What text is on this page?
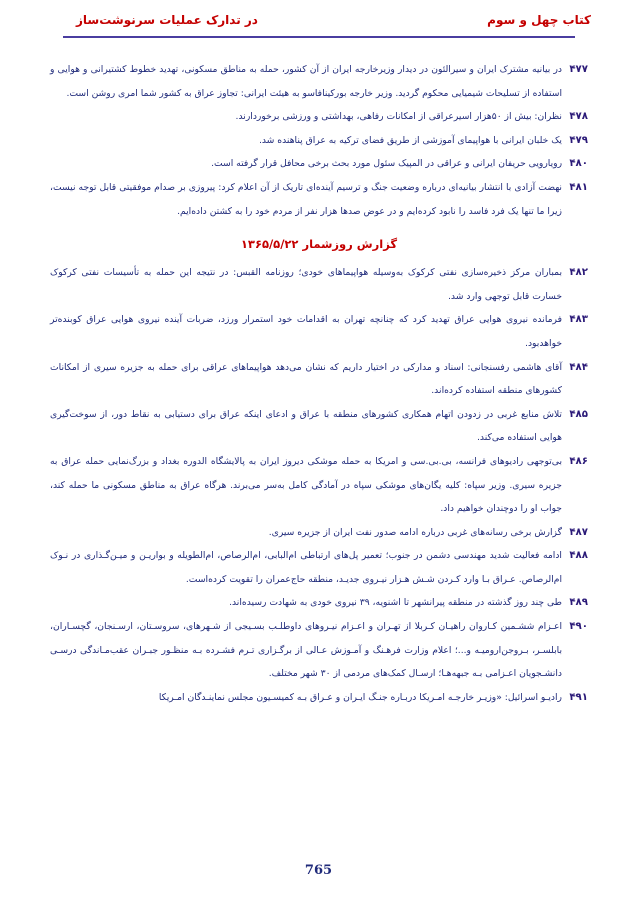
کتاب چهل و سوم
در تدارک عملیات سرنوشت‌ساز
۴۷۷
در بیانیه مشترک ایران و سیرالئون در دیدار وزیرخارجه ایران از آن کشور، حمله به مناطق مسکونی، تهدید خطوط کشتیرانی و هوایی و استفاده از تسلیحات شیمیایی محکوم گردید. وزیر خارجه بورکینافاسو به هیئت ایرانی: تجاوز عراق به کشور شما امری روشن است.
۴۷۸
نظران: بیش از ۵۰هزار اسیرعراقی از امکانات رفاهی، بهداشتی و ورزشی برخوردارند.
۴۷۹
یک خلبان ایرانی با هواپیمای آموزشی از طریق فضای ترکیه به عراق پناهنده شد.
۴۸۰
رویارویی حریفان ایرانی و عراقی در المپیک سئول مورد بحث برخی محافل قرار گرفته است.
۴۸۱
نهضت آزادی با انتشار بیانیه‌ای درباره وضعیت جنگ و ترسیم آینده‌ای تاریک از آن اعلام کرد: پیروزی بر صدام موفقیتی قابل توجه نیست، زیرا ما تنها یک فرد فاسد را نابود کرده‌ایم و در عوض صدها هزار نفر از مردم خود را به کشتن داده‌ایم.
گزارش روزشمار ۱۳۶۵/۵/۲۲
۴۸۲
بمباران مرکز ذخیره‌سازی نفتی کرکوک به‌وسیله هواپیماهای خودی؛ روزنامه القبس: در نتیجه این حمله به تأسیسات نفتی کرکوک خسارت قابل توجهی وارد شد.
۴۸۳
فرمانده نیروی هوایی عراق تهدید کرد که چنانچه تهران به اقدامات خود استمرار ورزد، ضربات آینده نیروی هوایی عراق کوبنده‌تر خواهدبود.
۴۸۴
آقای هاشمی رفسنجانی: اسناد و مدارکی در اختیار داریم که نشان می‌دهد هواپیماهای عراقی برای حمله به جزیره سیری از امکانات کشورهای منطقه استفاده کرده‌اند.
۴۸۵
تلاش منابع غربی در زدودن اتهام همکاری کشورهای منطقه با عراق و ادعای اینکه عراق برای دستیابی به نقاط دور، از سوخت‌گیری هوایی استفاده می‌کند.
۴۸۶
بی‌توجهی رادیوهای فرانسه، بی.بی.سی و امریکا به حمله موشکی دیروز ایران به پالایشگاه الدوره بغداد و بزرگ‌نمایی حمله عراق به جزیره سیری. وزیر سپاه: کلیه یگان‌های موشکی سپاه در آمادگی کامل به‌سر می‌برند. هرگاه عراق به مناطق مسکونی ما حمله کند، جواب او را دوچندان خواهیم داد.
۴۸۷
گزارش برخی رسانه‌های غربی درباره ادامه صدور نفت ایران از جزیره سیری.
۴۸۸
ادامه فعالیت شدید مهندسی دشمن در جنوب؛ تعمیر پل‌های ارتباطی ام‌البابی، ام‌الرصاص، ام‌الطویله و بواریـن و میـن‌گـذاری در نـوک ام‌الرصاص. عـراق بـا وارد کـردن شـش هـزار نیـروی جدیـد، منطقه حاج‌عمران را تقویت کرده‌است.
۴۸۹
طی چند روز گذشته در منطقه پیرانشهر تا اشنویه، ۳۹ نیروی خودی به شهادت رسیده‌اند.
۴۹۰
اعـزام ششـمین کـاروان راهیـان کـربلا از تهـران و اعـزام نیـروهای داوطلـب بسـیجی از شـهرهای، سروسـتان، ارسـنجان، گچسـاران، بابلسـر، بـروجن‌ارومیـه و...؛ اعلام وزارت فرهـنگ و آمـوزش عـالی از برگـزاری تـرم فشـرده بـه منظـور جبـران عقب‌مـاندگی درسـی دانشـجویان اعـزامی بـه جبهه‌هـا؛ ارسـال کمک‌های مردمی از ۳۰ شهر مختلف.
۴۹۱
رادیـو اسرائیل: «وزیـر خارجـه امـریکا دربـاره جنـگ ایـران و عـراق بـه کمیسـیون مجلس نماینـدگان امـریکا
765
